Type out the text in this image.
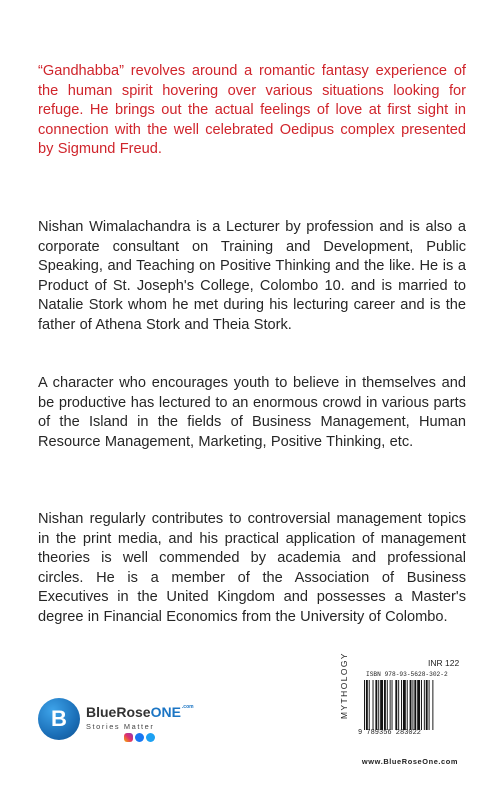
“Gandhabba” revolves around a romantic fantasy experience of the human spirit hovering over various situations looking for refuge. He brings out the actual feelings of love at first sight in connection with the well celebrated Oedipus complex presented by Sigmund Freud.

Nishan Wimalachandra is a Lecturer by profession and is also a corporate consultant on Training and Development, Public Speaking, and Teaching on Positive Thinking and the like. He is a Product of St. Joseph's College, Colombo 10. and is married to Natalie Stork whom he met during his lecturing career and is the father of Athena Stork and Theia Stork.

A character who encourages youth to believe in themselves and be productive has lectured to an enormous crowd in various parts of the Island in the fields of Business Management, Human Resource Management, Marketing, Positive Thinking, etc.

Nishan regularly contributes to controversial management topics in the print media, and his practical application of management theories is well commended by academia and professional circles. He is a member of the Association of Business Executives in the United Kingdom and possesses a Master's degree in Financial Economics from the University of Colombo.

B	BlueRoseONE$^{.com}$
Stories Matter
INR 122
MYTHOLOGY	ISBN 978-93-5628-302-2
9 789356 283022
www.BlueRoseOne.com
